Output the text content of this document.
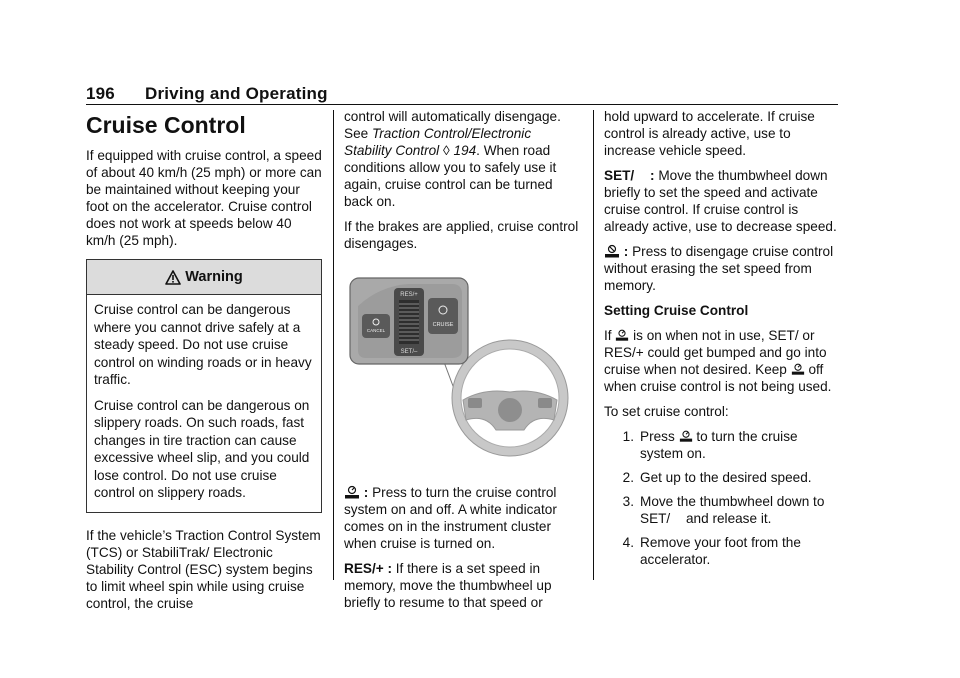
196 Driving and Operating
Cruise Control

If equipped with cruise control, a speed of about 40 km/h (25 mph) or more can be maintained without keeping your foot on the accelerator. Cruise control does not work at speeds below 40 km/h (25 mph).

Warning

Cruise control can be dangerous where you cannot drive safely at a steady speed. Do not use cruise control on winding roads or in heavy traffic.

Cruise control can be dangerous on slippery roads. On such roads, fast changes in tire traction can cause excessive wheel slip, and you could lose control. Do not use cruise control on slippery roads.

If the vehicle’s Traction Control System (TCS) or StabiliTrak/ Electronic Stability Control (ESC) system begins to limit wheel spin while using cruise control, the cruise

control will automatically disengage. See Traction Control/Electronic Stability Control ◊ 194. When road conditions allow you to safely use it again, cruise control can be turned back on.

If the brakes are applied, cruise control disengages.

RES/+
SET/–
CRUISE
CANCEL

: Press to turn the cruise control system on and off. A white indicator comes on in the instrument cluster when cruise is turned on.

RES/+ : If there is a set speed in memory, move the thumbwheel up briefly to resume to that speed or

hold upward to accelerate. If cruise control is already active, use to increase vehicle speed.

SET/ : Move the thumbwheel down briefly to set the speed and activate cruise control. If cruise control is already active, use to decrease speed.

: Press to disengage cruise control without erasing the set speed from memory.

Setting Cruise Control

If is on when not in use, SET/ or RES/+ could get bumped and go into cruise when not desired. Keep off when cruise control is not being used.

To set cruise control:

1. Press to turn the cruise system on.
2. Get up to the desired speed.
3. Move the thumbwheel down to SET/ and release it.
4. Remove your foot from the accelerator.
